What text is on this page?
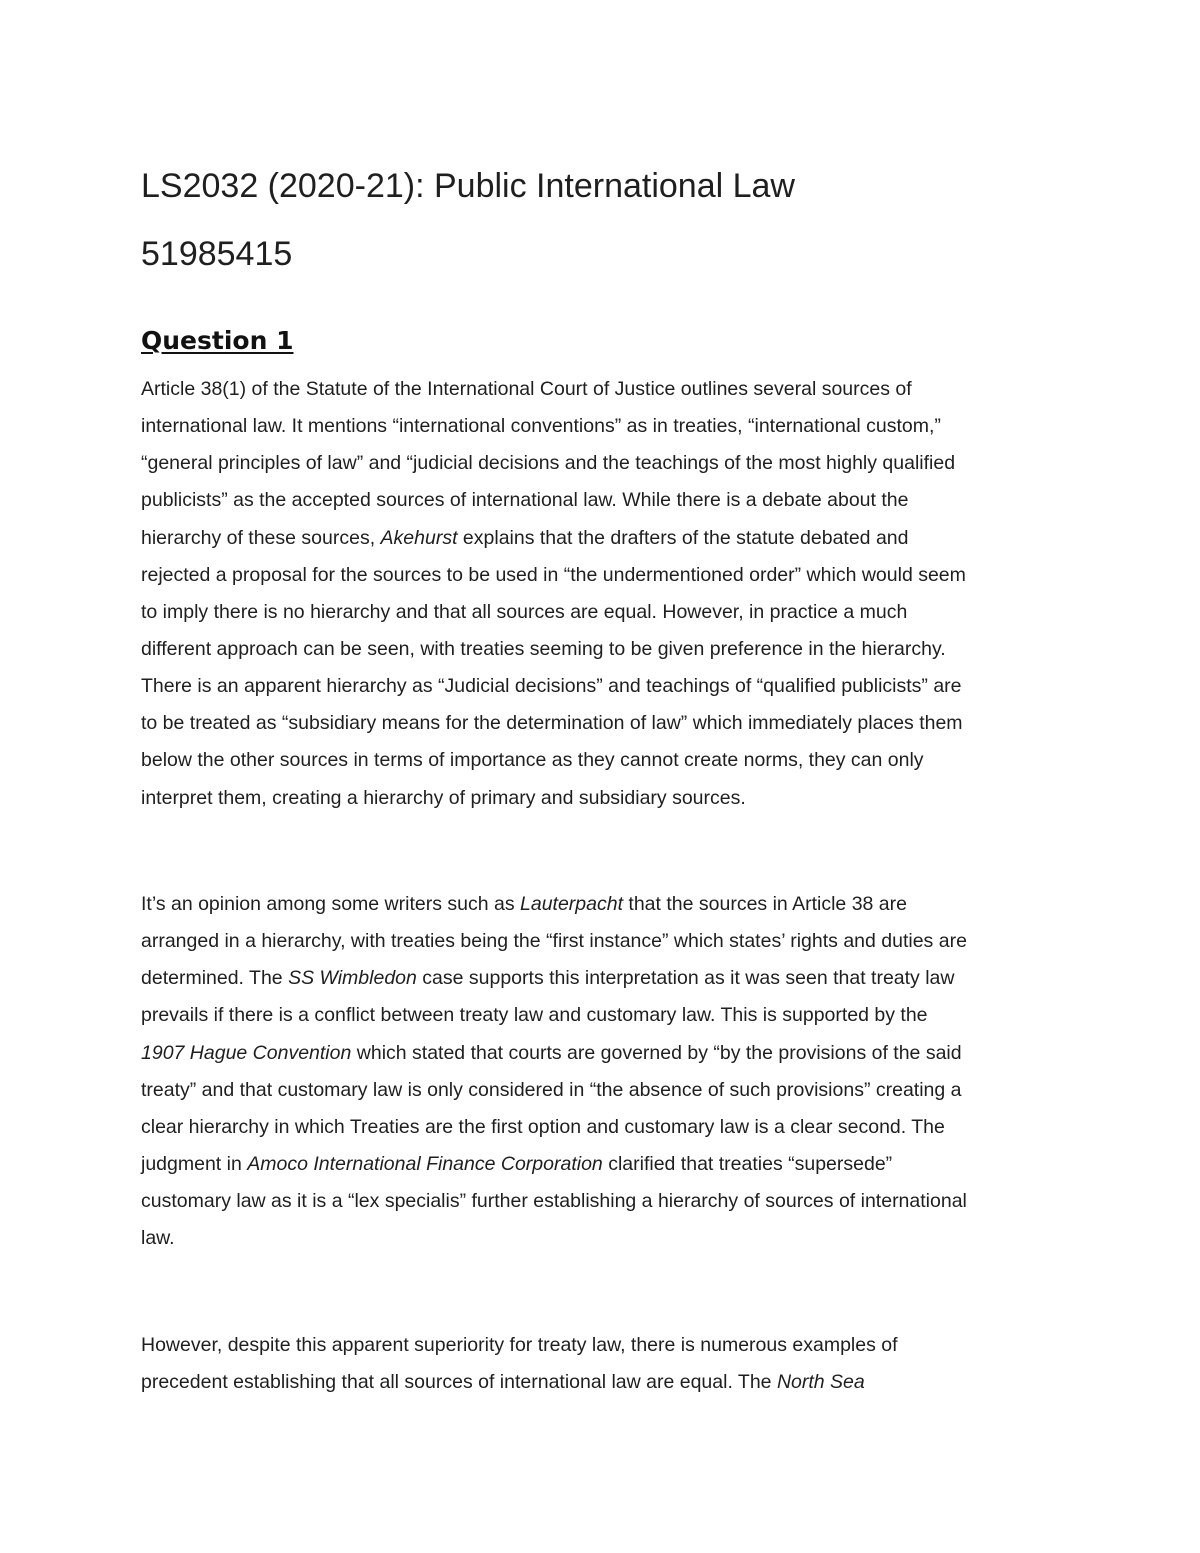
LS2032 (2020-21): Public International Law
51985415
Question 1
Article 38(1) of the Statute of the International Court of Justice outlines several sources of
international law. It mentions “international conventions” as in treaties, “international custom,”
“general principles of law” and “judicial decisions and the teachings of the most highly qualified
publicists” as the accepted sources of international law. While there is a debate about the
hierarchy of these sources, Akehurst explains that the drafters of the statute debated and
rejected a proposal for the sources to be used in “the undermentioned order” which would seem
to imply there is no hierarchy and that all sources are equal. However, in practice a much
different approach can be seen, with treaties seeming to be given preference in the hierarchy.
There is an apparent hierarchy as “Judicial decisions” and teachings of “qualified publicists” are
to be treated as “subsidiary means for the determination of law” which immediately places them
below the other sources in terms of importance as they cannot create norms, they can only
interpret them, creating a hierarchy of primary and subsidiary sources.
It’s an opinion among some writers such as Lauterpacht that the sources in Article 38 are
arranged in a hierarchy, with treaties being the “first instance” which states’ rights and duties are
determined. The SS Wimbledon case supports this interpretation as it was seen that treaty law
prevails if there is a conflict between treaty law and customary law. This is supported by the
1907 Hague Convention which stated that courts are governed by “by the provisions of the said
treaty” and that customary law is only considered in “the absence of such provisions” creating a
clear hierarchy in which Treaties are the first option and customary law is a clear second. The
judgment in Amoco International Finance Corporation clarified that treaties “supersede”
customary law as it is a “lex specialis” further establishing a hierarchy of sources of international
law.
However, despite this apparent superiority for treaty law, there is numerous examples of
precedent establishing that all sources of international law are equal. The North Sea
